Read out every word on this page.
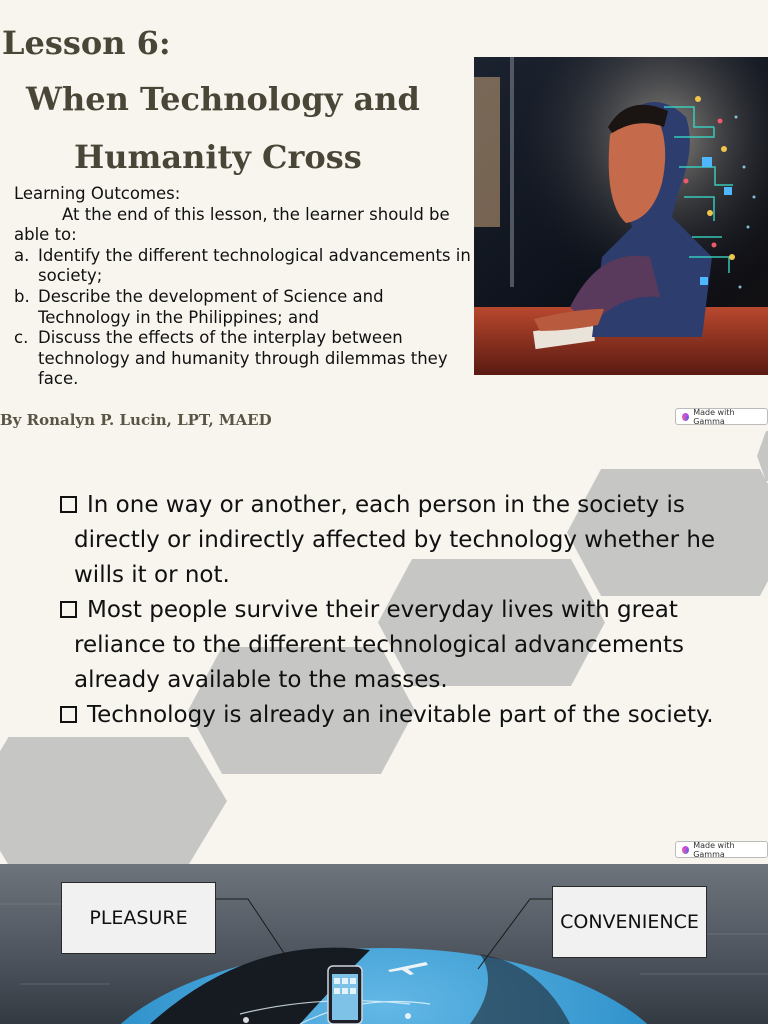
Lesson 6:
When Technology and
Humanity Cross
Learning Outcomes:
At the end of this lesson, the learner should be able to:
a. Identify the different technological advancements in society;
b. Describe the development of Science and Technology in the Philippines; and
c. Discuss the effects of the interplay between technology and humanity through dilemmas they face.

By Ronalyn P. Lucin, LPT, MAED	Made with Gamma
In one way or another, each person in the society is directly or indirectly affected by technology whether he wills it or not.
Most people survive their everyday lives with great reliance to the different technological advancements already available to the masses.
Technology is already an inevitable part of the society.
Made with Gamma
PLEASURE	CONVENIENCE
